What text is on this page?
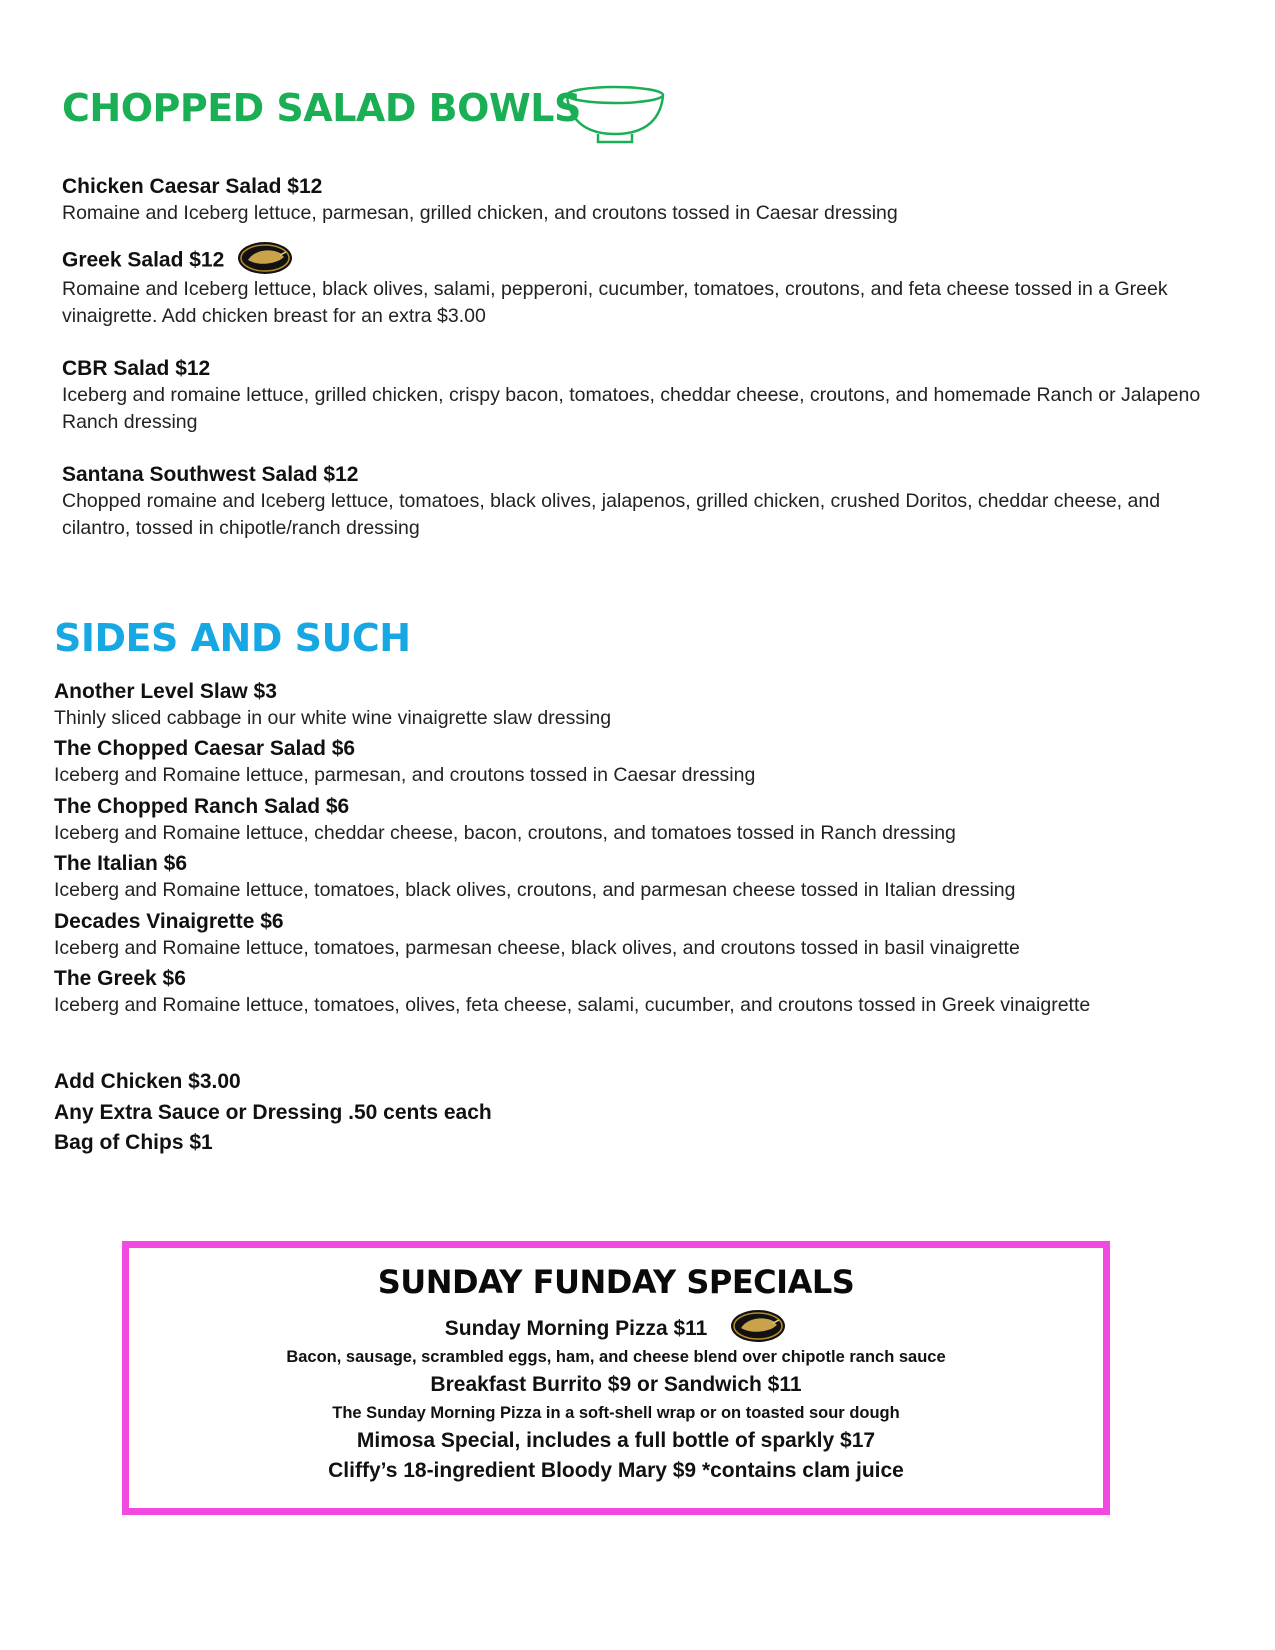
CHOPPED SALAD BOWLS
Chicken Caesar Salad $12
Romaine and Iceberg lettuce, parmesan, grilled chicken, and croutons tossed in Caesar dressing
Greek Salad $12
Romaine and Iceberg lettuce, black olives, salami, pepperoni, cucumber, tomatoes, croutons, and feta cheese tossed in a Greek vinaigrette. Add chicken breast for an extra $3.00
CBR Salad $12
Iceberg and romaine lettuce, grilled chicken, crispy bacon, tomatoes, cheddar cheese, croutons, and homemade Ranch or Jalapeno Ranch dressing
Santana Southwest Salad $12
Chopped romaine and Iceberg lettuce, tomatoes, black olives, jalapenos, grilled chicken, crushed Doritos, cheddar cheese, and cilantro, tossed in chipotle/ranch dressing
SIDES AND SUCH
Another Level Slaw $3
Thinly sliced cabbage in our white wine vinaigrette slaw dressing
The Chopped Caesar Salad $6
Iceberg and Romaine lettuce, parmesan, and croutons tossed in Caesar dressing
The Chopped Ranch Salad $6
Iceberg and Romaine lettuce, cheddar cheese, bacon, croutons, and tomatoes tossed in Ranch dressing
The Italian $6
Iceberg and Romaine lettuce, tomatoes, black olives, croutons, and parmesan cheese tossed in Italian dressing
Decades Vinaigrette $6
Iceberg and Romaine lettuce, tomatoes, parmesan cheese, black olives, and croutons tossed in basil vinaigrette
The Greek $6
Iceberg and Romaine lettuce, tomatoes, olives, feta cheese, salami, cucumber, and croutons tossed in Greek vinaigrette
Add Chicken $3.00
Any Extra Sauce or Dressing .50 cents each
Bag of Chips $1
SUNDAY FUNDAY SPECIALS
Sunday Morning Pizza $11
Bacon, sausage, scrambled eggs, ham, and cheese blend over chipotle ranch sauce
Breakfast Burrito $9 or Sandwich $11
The Sunday Morning Pizza in a soft-shell wrap or on toasted sour dough
Mimosa Special, includes a full bottle of sparkly $17
Cliffy’s 18-ingredient Bloody Mary $9 *contains clam juice
